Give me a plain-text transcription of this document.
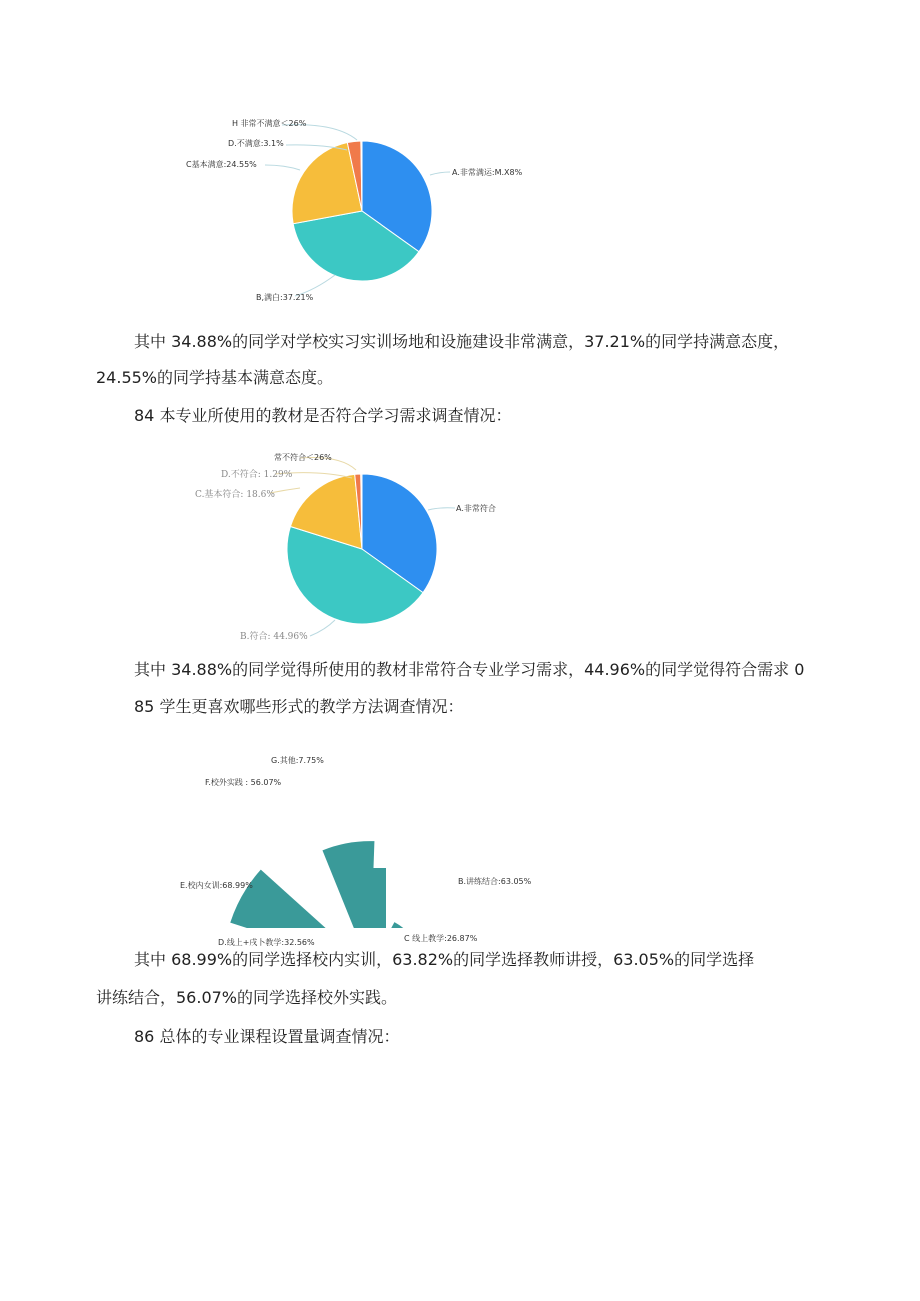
H 非常不满意＜26%
D.不满意:3.1%
C基本满意:24.55%
A.非常满运:M.X8%
B,满白:37.21%
其中 34.88%的同学对学校实习实训场地和设施建设非常满意，37.21%的同学持满意态度，
24.55%的同学持基本满意态度。
84 本专业所使用的教材是否符合学习需求调查情况：
常不符合＜26%
D.不符合: 1.29%
C.基本符合: 18.6%
A.非常符合
B.符合: 44.96%
其中 34.88%的同学觉得所使用的教材非常符合专业学习需求，44.96%的同学觉得符合需求 0
85 学生更喜欢哪些形式的教学方法调查情况：
G.其他:7.75%
F.校外实践 : 56.07%
E.校内女训:68.99%	B.讲练结合:63.05%
D.线上+戌卜教学:32.56%	C 线上教学:26.87%
其中 68.99%的同学选择校内实训，63.82%的同学选择教师讲授，63.05%的同学选择
讲练结合，56.07%的同学选择校外实践。
86 总体的专业课程设置量调查情况：
